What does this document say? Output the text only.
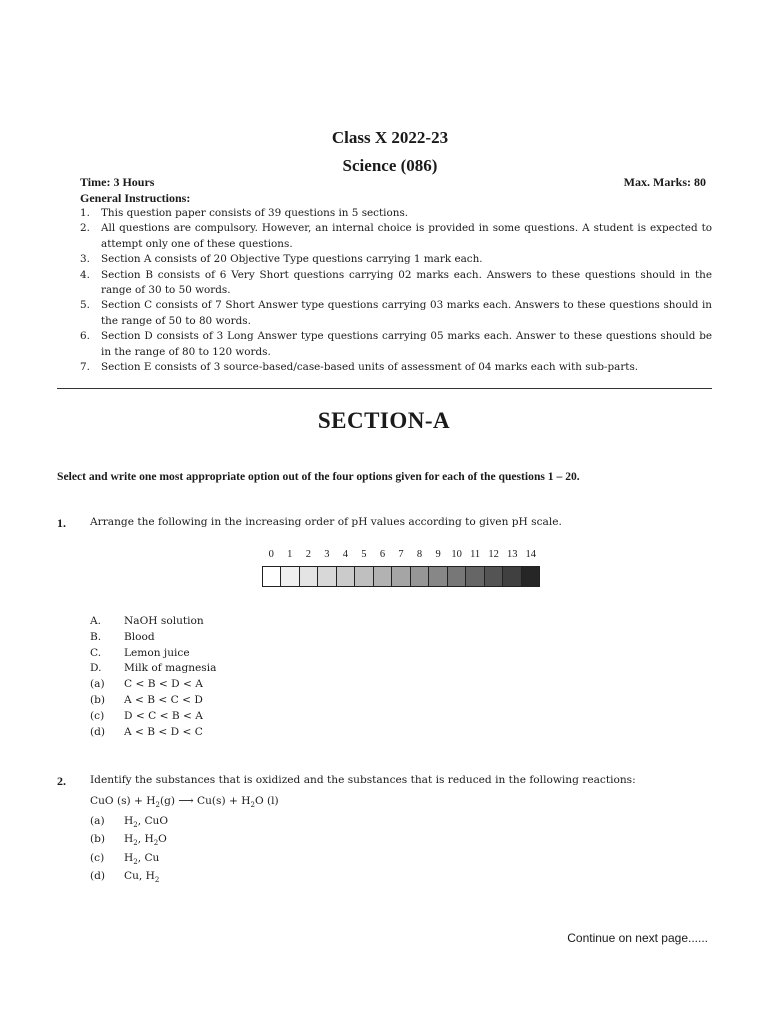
Class X 2022-23
Science (086)
Time: 3 Hours	Max. Marks: 80
General Instructions:
1. This question paper consists of 39 questions in 5 sections.
2. All questions are compulsory. However, an internal choice is provided in some questions. A student is expected to attempt only one of these questions.
3. Section A consists of 20 Objective Type questions carrying 1 mark each.
4. Section B consists of 6 Very Short questions carrying 02 marks each. Answers to these questions should in the range of 30 to 50 words.
5. Section C consists of 7 Short Answer type questions carrying 03 marks each. Answers to these questions should in the range of 50 to 80 words.
6. Section D consists of 3 Long Answer type questions carrying 05 marks each. Answer to these questions should be in the range of 80 to 120 words.
7. Section E consists of 3 source-based/case-based units of assessment of 04 marks each with sub-parts.
SECTION-A
Select and write one most appropriate option out of the four options given for each of the questions 1 – 20.
1. Arrange the following in the increasing order of pH values according to given pH scale.
0 1 2 3 4 5 6 7 8 9 10 11 12 13 14
A. NaOH solution
B. Blood
C. Lemon juice
D. Milk of magnesia
(a) C < B < D < A
(b) A < B < C < D
(c) D < C < B < A
(d) A < B < D < C
2. Identify the substances that is oxidized and the substances that is reduced in the following reactions:
CuO $(s) + H_2(g)$ ⟶ $Cu(s) + H_2O$ (l)
(a) $H_2$, CuO
(b) $H_2$, $H_2O$
(c) $H_2$, Cu
(d) Cu, $H_2$
Continue on next page......
